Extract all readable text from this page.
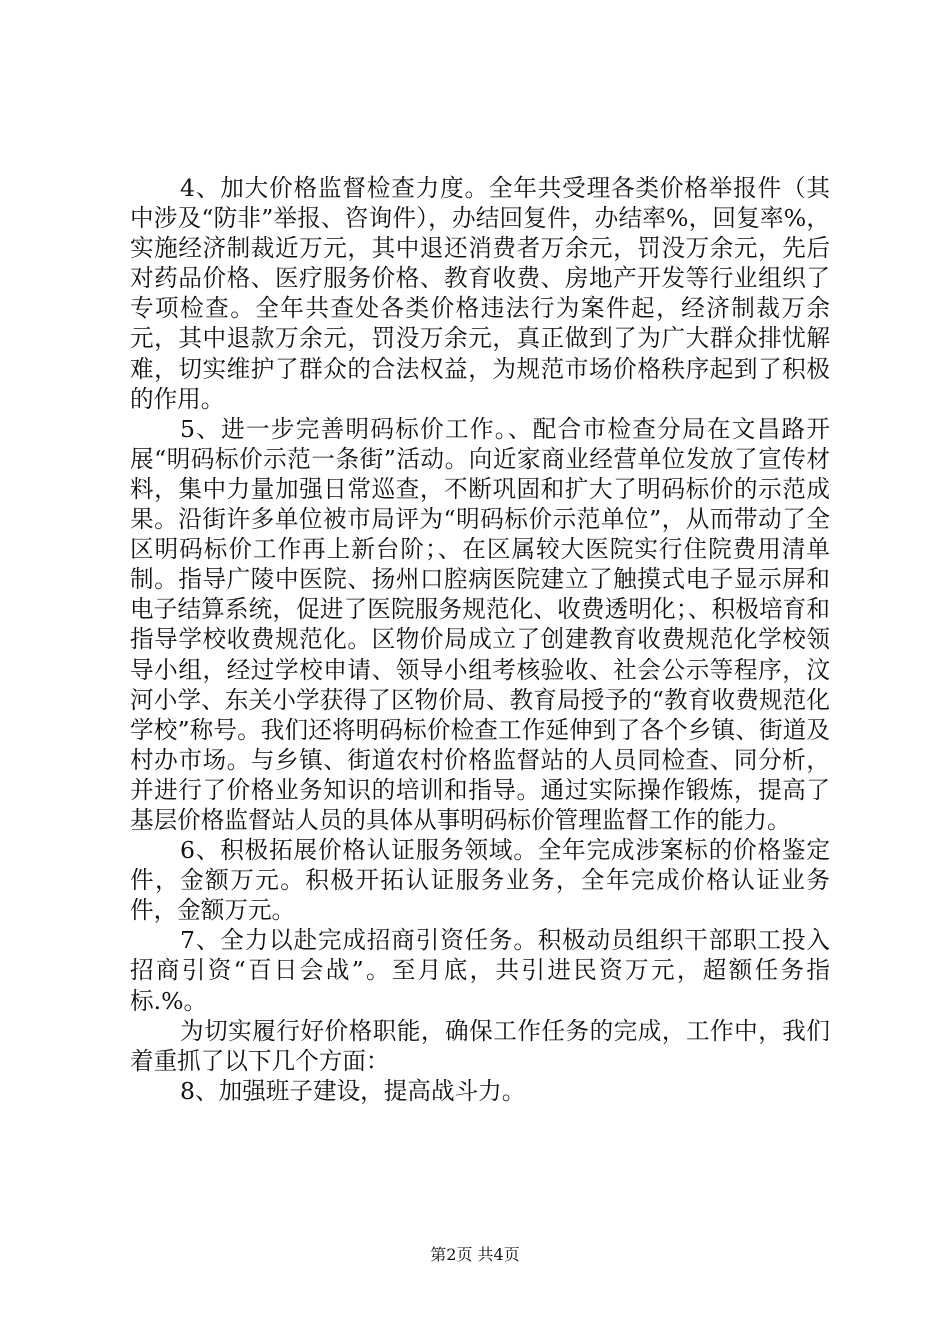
4、加大价格监督检查力度。全年共受理各类价格举报件（其中涉及“防非”举报、咨询件），办结回复件，办结率%，回复率%，实施经济制裁近万元，其中退还消费者万余元，罚没万余元，先后对药品价格、医疗服务价格、教育收费、房地产开发等行业组织了专项检查。全年共查处各类价格违法行为案件起，经济制裁万余元，其中退款万余元，罚没万余元，真正做到了为广大群众排忧解难，切实维护了群众的合法权益，为规范市场价格秩序起到了积极的作用。

5、进一步完善明码标价工作。、配合市检查分局在文昌路开展“明码标价示范一条街”活动。向近家商业经营单位发放了宣传材料，集中力量加强日常巡查，不断巩固和扩大了明码标价的示范成果。沿街许多单位被市局评为“明码标价示范单位”，从而带动了全区明码标价工作再上新台阶；、在区属较大医院实行住院费用清单制。指导广陵中医院、扬州口腔病医院建立了触摸式电子显示屏和电子结算系统，促进了医院服务规范化、收费透明化；、积极培育和指导学校收费规范化。区物价局成立了创建教育收费规范化学校领导小组，经过学校申请、领导小组考核验收、社会公示等程序，汶河小学、东关小学获得了区物价局、教育局授予的“教育收费规范化学校”称号。我们还将明码标价检查工作延伸到了各个乡镇、街道及村办市场。与乡镇、街道农村价格监督站的人员同检查、同分析，并进行了价格业务知识的培训和指导。通过实际操作锻炼，提高了基层价格监督站人员的具体从事明码标价管理监督工作的能力。

6、积极拓展价格认证服务领域。全年完成涉案标的价格鉴定件，金额万元。积极开拓认证服务业务，全年完成价格认证业务件，金额万元。

7、全力以赴完成招商引资任务。积极动员组织干部职工投入招商引资“百日会战”。至月底，共引进民资万元，超额任务指标.%。

为切实履行好价格职能，确保工作任务的完成，工作中，我们着重抓了以下几个方面：

8、加强班子建设，提高战斗力。

第2页 共4页
